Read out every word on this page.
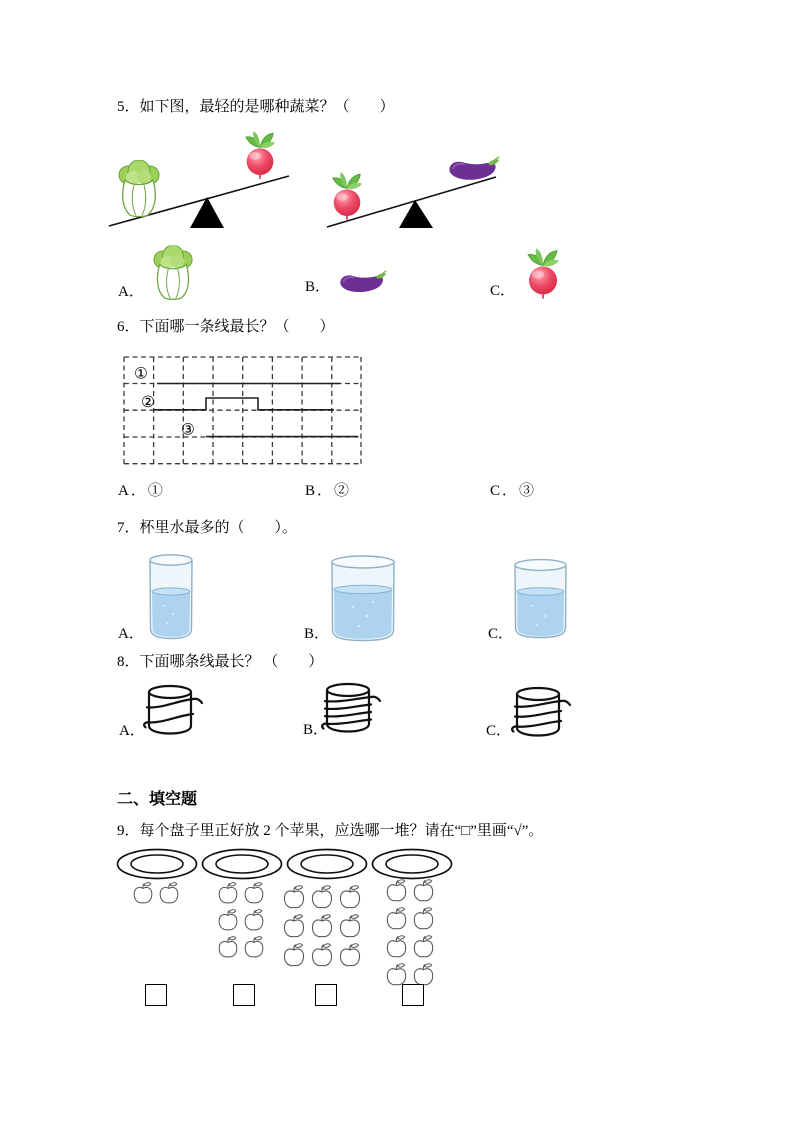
5．如下图，最轻的是哪种蔬菜？（　　）
A．	B．	C．
6．下面哪一条线最长？（　　）
①
②
③
A．①	B．②	C．③
7．杯里水最多的（　　）。
A．	B．	C．
8．下面哪条线最长？ （　　）
A．	B．	C．
二、填空题
9．每个盘子里正好放 2 个苹果，应选哪一堆？请在“□”里画“√”。
